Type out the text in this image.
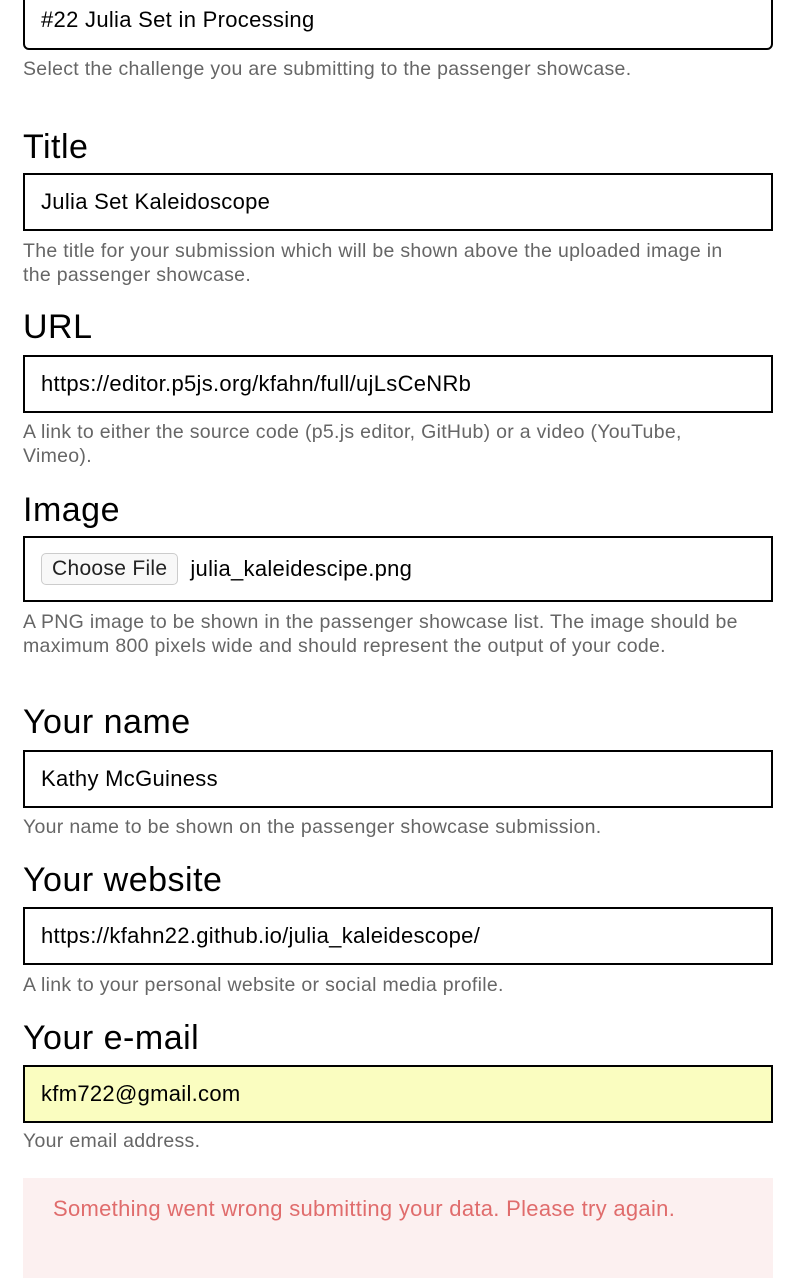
#22 Julia Set in Processing
Select the challenge you are submitting to the passenger showcase.
Title
Julia Set Kaleidoscope
The title for your submission which will be shown above the uploaded image in the passenger showcase.
URL
https://editor.p5js.org/kfahn/full/ujLsCeNRb
A link to either the source code (p5.js editor, GitHub) or a video (YouTube, Vimeo).
Image
Choose File	julia_kaleidescipe.png
A PNG image to be shown in the passenger showcase list. The image should be maximum 800 pixels wide and should represent the output of your code.
Your name
Kathy McGuiness
Your name to be shown on the passenger showcase submission.
Your website
https://kfahn22.github.io/julia_kaleidescope/
A link to your personal website or social media profile.
Your e-mail
kfm722@gmail.com
Your email address.
Something went wrong submitting your data. Please try again.
